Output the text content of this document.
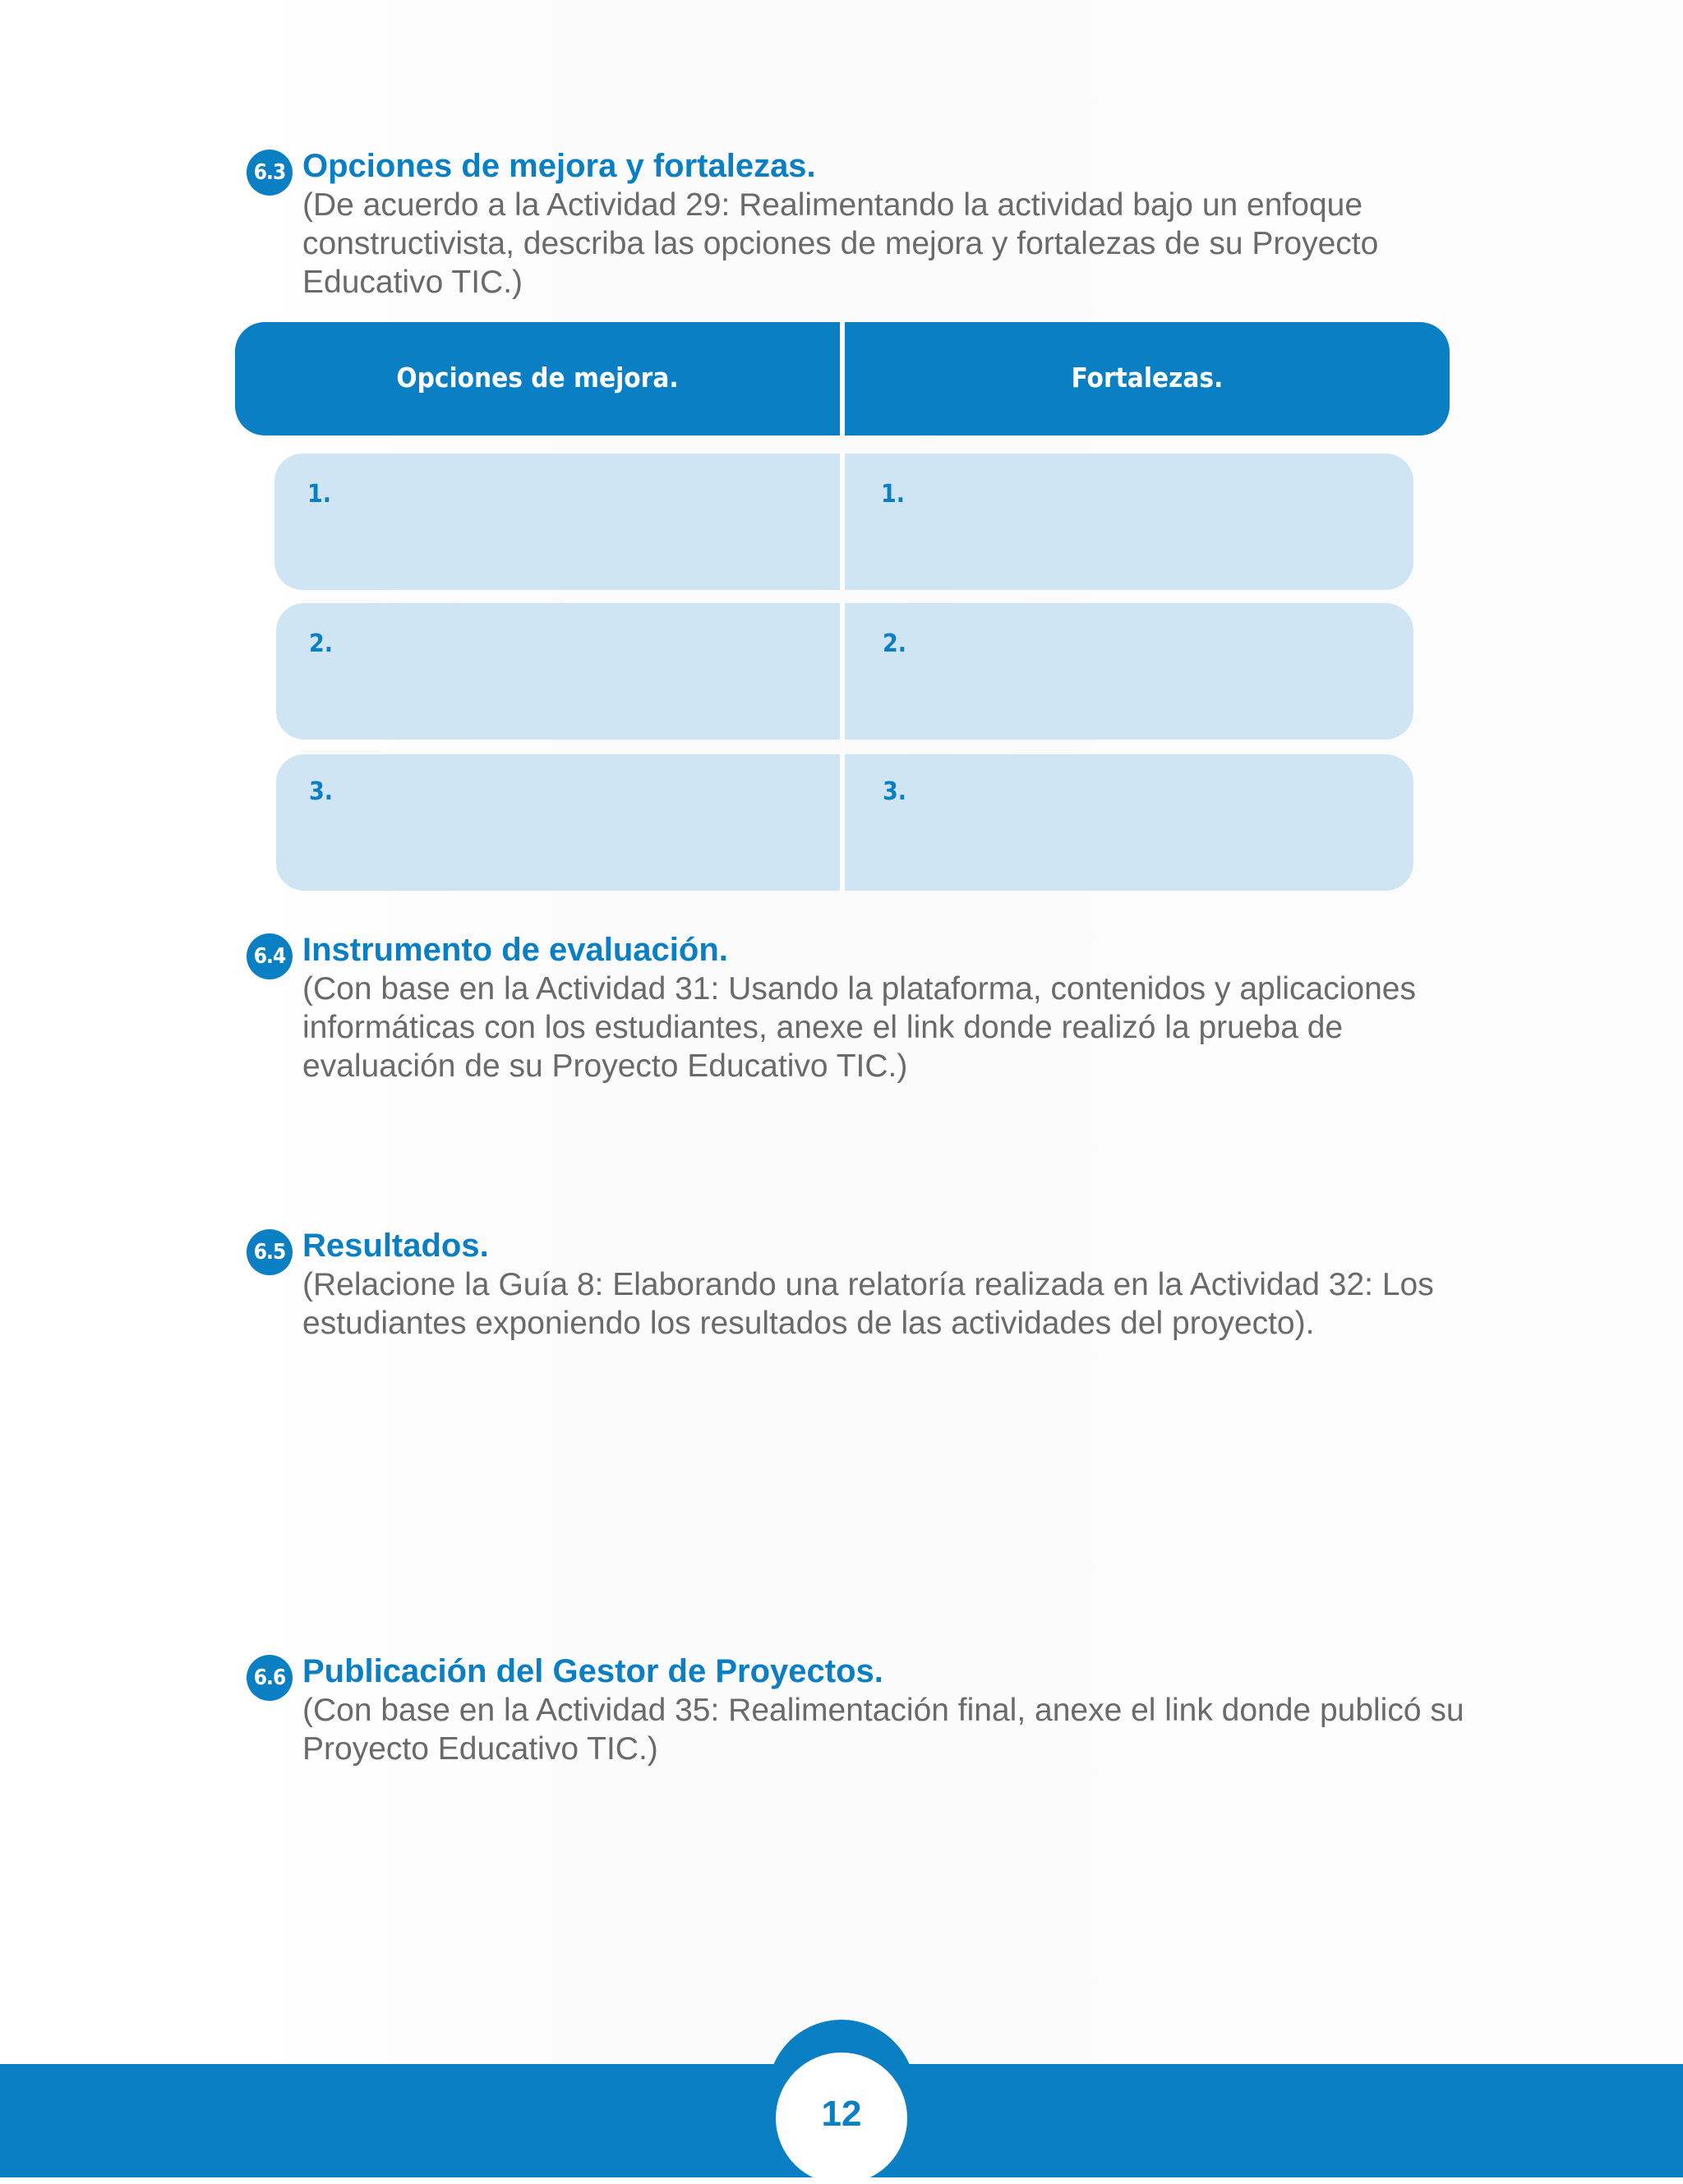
6.3 Opciones de mejora y fortalezas.

(De acuerdo a la Actividad 29: Realimentando la actividad bajo un enfoque constructivista, describa las opciones de mejora y fortalezas de su Proyecto Educativo TIC.)

Opciones de mejora.	Fortalezas.
1.	1.
2.	2.
3.	3.
6.4 Instrumento de evaluación.

(Con base en la Actividad 31: Usando la plataforma, contenidos y aplicaciones informáticas con los estudiantes, anexe el link donde realizó la prueba de evaluación de su Proyecto Educativo TIC.)

6.5 Resultados.

(Relacione la Guía 8: Elaborando una relatoría realizada en la Actividad 32: Los estudiantes exponiendo los resultados de las actividades del proyecto).

6.6 Publicación del Gestor de Proyectos.

(Con base en la Actividad 35: Realimentación final, anexe el link donde publicó su Proyecto Educativo TIC.)

12
